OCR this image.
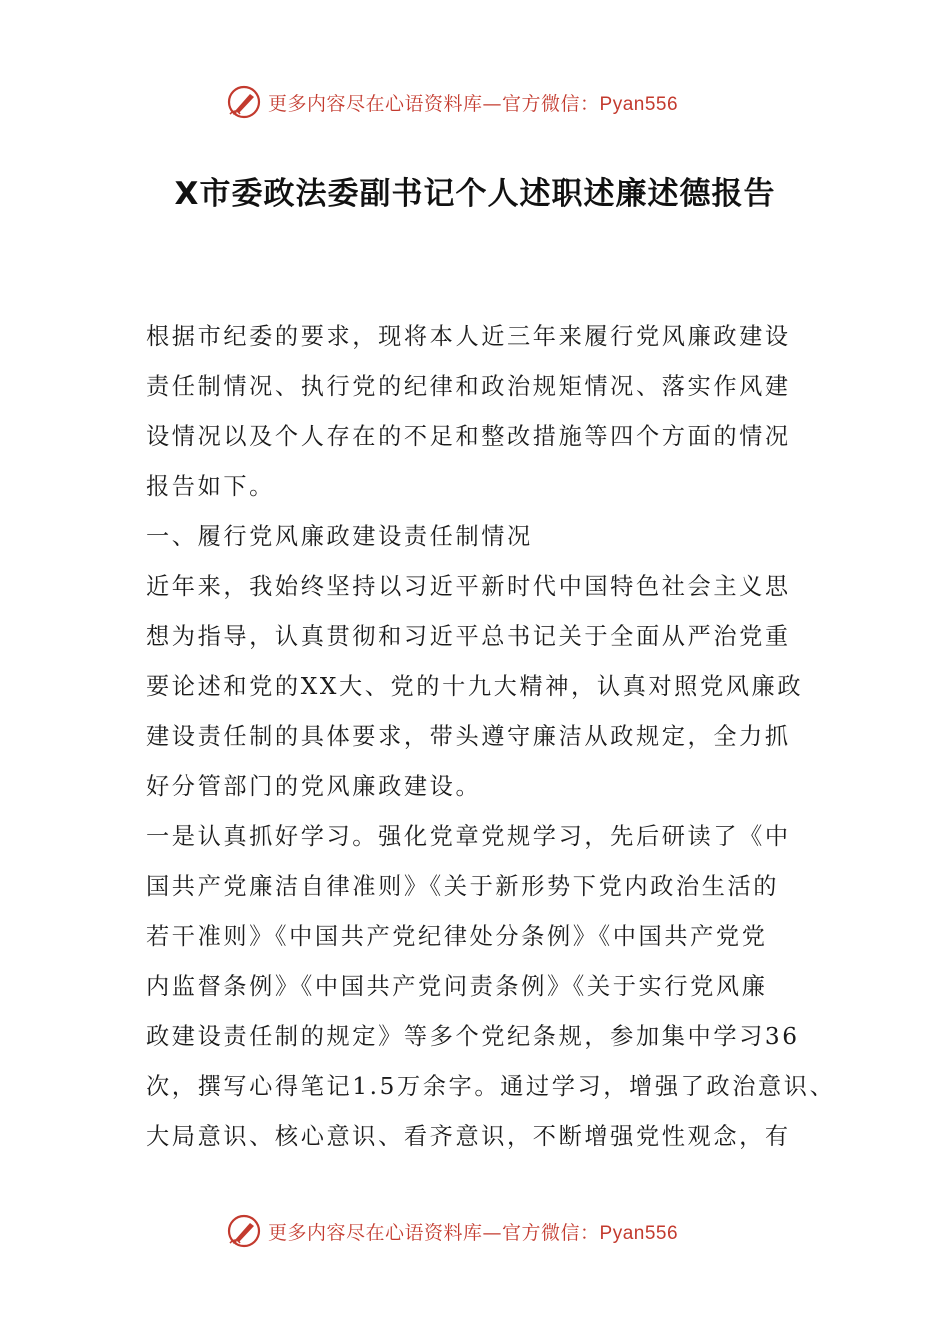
更多内容尽在心语资料库—官方微信：Pyan556
X市委政法委副书记个人述职述廉述德报告
根据市纪委的要求，现将本人近三年来履行党风廉政建设
责任制情况、执行党的纪律和政治规矩情况、落实作风建
设情况以及个人存在的不足和整改措施等四个方面的情况
报告如下。
一、履行党风廉政建设责任制情况
近年来，我始终坚持以习近平新时代中国特色社会主义思
想为指导，认真贯彻和习近平总书记关于全面从严治党重
要论述和党的XX大、党的十九大精神，认真对照党风廉政
建设责任制的具体要求，带头遵守廉洁从政规定，全力抓
好分管部门的党风廉政建设。
一是认真抓好学习。强化党章党规学习，先后研读了《中
国共产党廉洁自律准则》《关于新形势下党内政治生活的
若干准则》《中国共产党纪律处分条例》《中国共产党党
内监督条例》《中国共产党问责条例》《关于实行党风廉
政建设责任制的规定》等多个党纪条规，参加集中学习36
次，撰写心得笔记1.5万余字。通过学习，增强了政治意识、
大局意识、核心意识、看齐意识，不断增强党性观念，有
更多内容尽在心语资料库—官方微信：Pyan556
